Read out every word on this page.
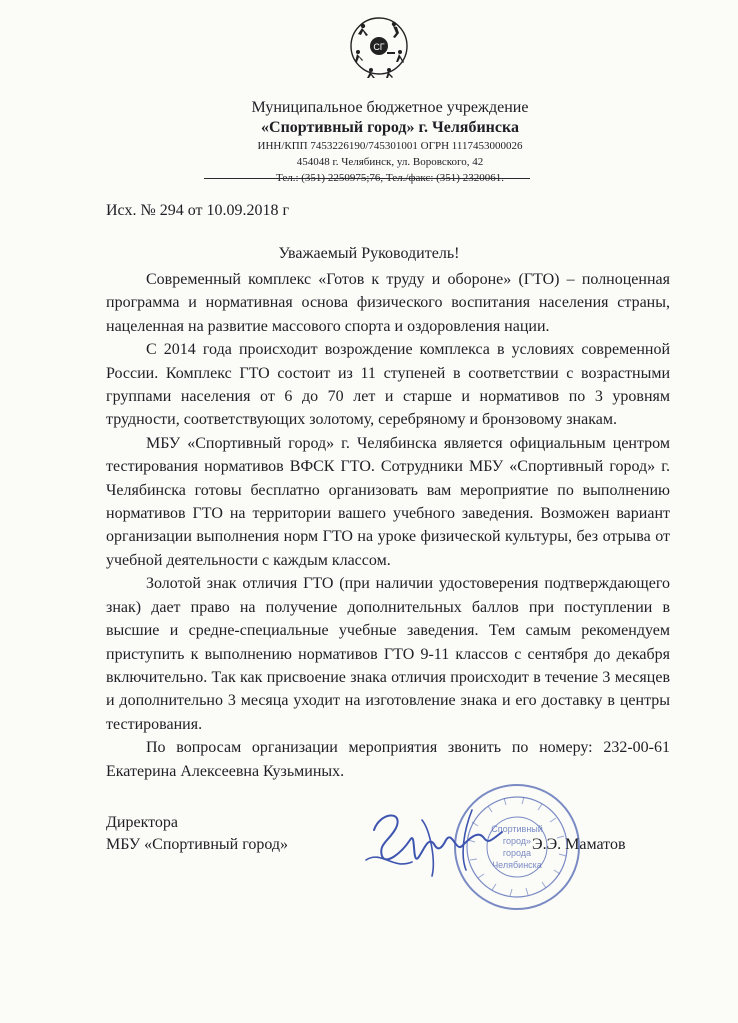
СГ
Муниципальное бюджетное учреждение
«Спортивный город» г. Челябинска
ИНН/КПП 7453226190/745301001 ОГРН 1117453000026
454048 г. Челябинск, ул. Воровского, 42
Тел.: (351) 2250975;76, Тел./факс: (351) 2320061.
Исх. № 294 от 10.09.2018 г
Уважаемый Руководитель!

Современный комплекс «Готов к труду и обороне» (ГТО) – полноценная программа и нормативная основа физического воспитания населения страны, нацеленная на развитие массового спорта и оздоровления нации.

С 2014 года происходит возрождение комплекса в условиях современной России. Комплекс ГТО состоит из 11 ступеней в соответствии с возрастными группами населения от 6 до 70 лет и старше и нормативов по 3 уровням трудности, соответствующих золотому, серебряному и бронзовому знакам.

МБУ «Спортивный город» г. Челябинска является официальным центром тестирования нормативов ВФСК ГТО. Сотрудники МБУ «Спортивный город» г. Челябинска готовы бесплатно организовать вам мероприятие по выполнению нормативов ГТО на территории вашего учебного заведения. Возможен вариант организации выполнения норм ГТО на уроке физической культуры, без отрыва от учебной деятельности с каждым классом.

Золотой знак отличия ГТО (при наличии удостоверения подтверждающего знак) дает право на получение дополнительных баллов при поступлении в высшие и средне-специальные учебные заведения. Тем самым рекомендуем приступить к выполнению нормативов ГТО 9-11 классов с сентября до декабря включительно. Так как присвоение знака отличия происходит в течение 3 месяцев и дополнительно 3 месяца уходит на изготовление знака и его доставку в центры тестирования.

По вопросам организации мероприятия звонить по номеру: 232-00-61 Екатерина Алексеевна Кузьминых.

Спортивный
город»
города
Челябинска
Директора
МБУ «Спортивный город»	Э.Э. Маматов
